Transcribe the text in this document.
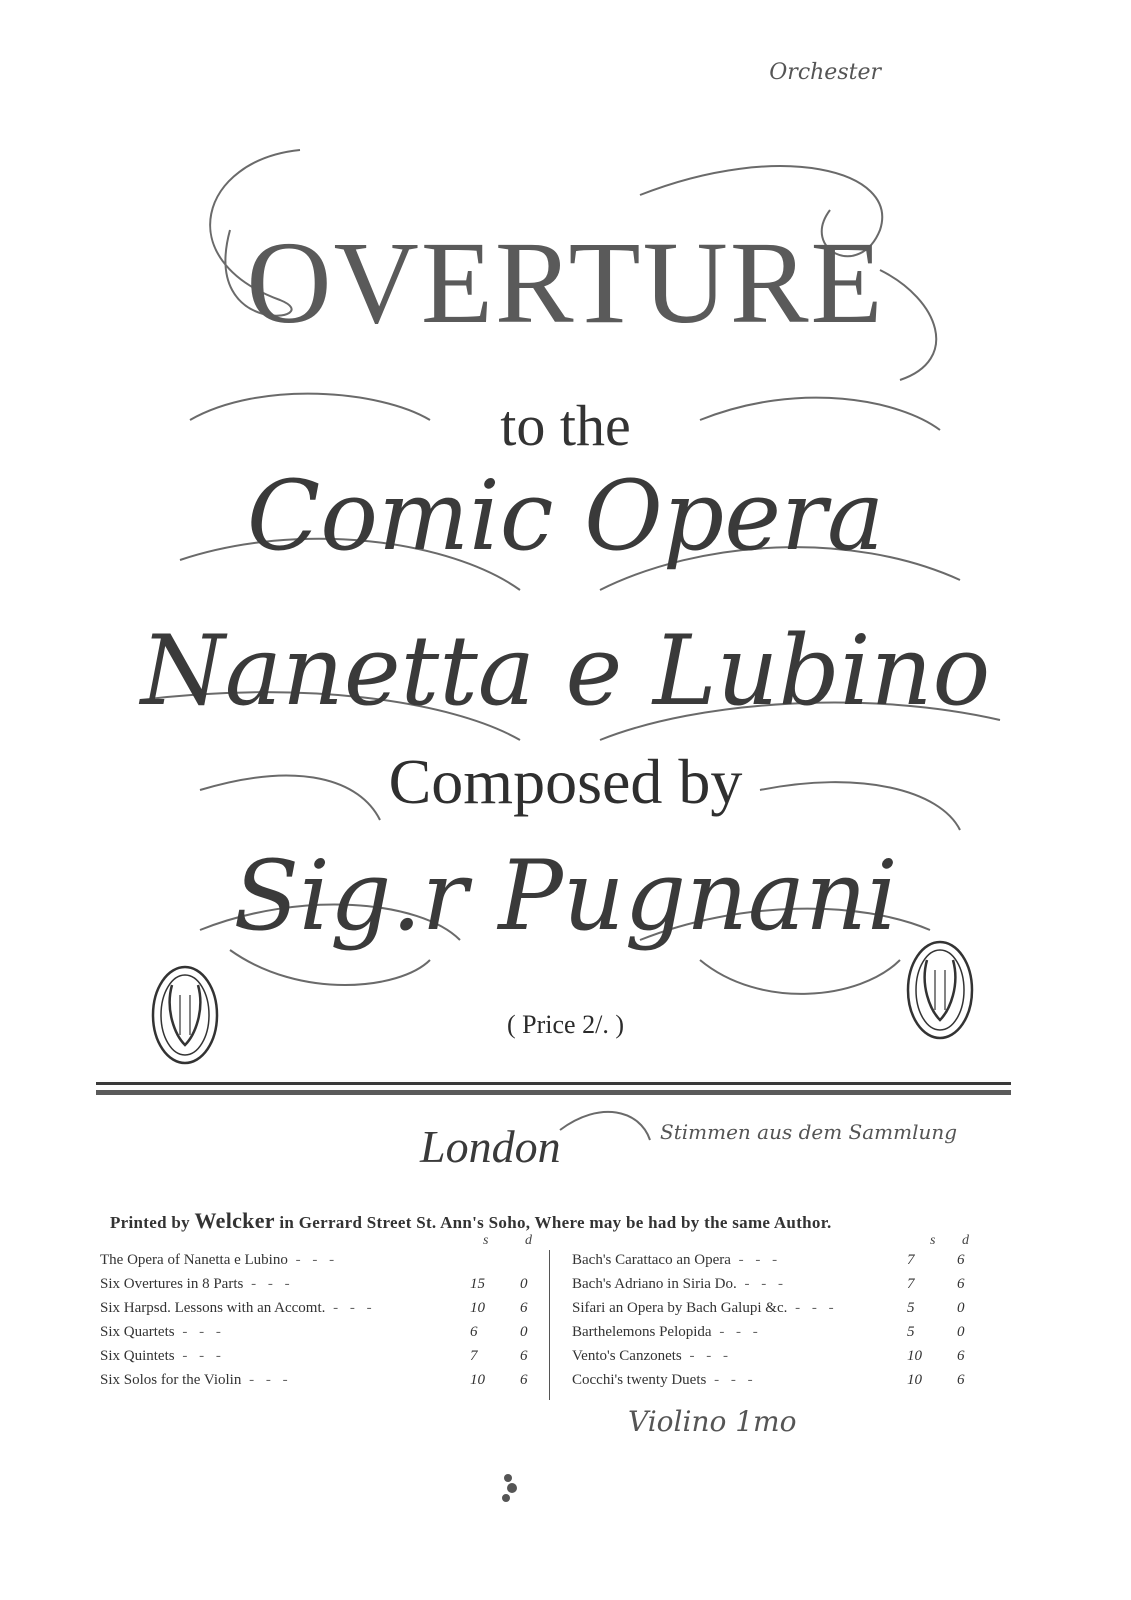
Orchester
OVERTURE
to the
Comic Opera
Nanetta e Lubino
Composed by
Sig.r Pugnani
( Price 2/. )
London	Stimmen aus dem Sammlung
Printed by Welcker in Gerrard Street St. Ann's Soho, Where may be had by the same Author.
s	d	s d
The Opera of Nanetta e Lubino - - -
Six Overtures in 8 Parts - - -	15 0
Six Harpsd. Lessons with an Accomt. - - -	10 6
Six Quartets - - -	6	0
Six Quintets - - -	7	6
Six Solos for the Violin - - -	10 6
Bach's Carattaco an Opera - - -	7	6
Bach's Adriano in Siria Do. - - -	7	6
Sifari an Opera by Bach Galupi &c. - - -	5	0
Barthelemons Pelopida - - -	5	0
Vento's Canzonets - - -	10 6
Cocchi's twenty Duets - - -	10 6
Violino 1mo
